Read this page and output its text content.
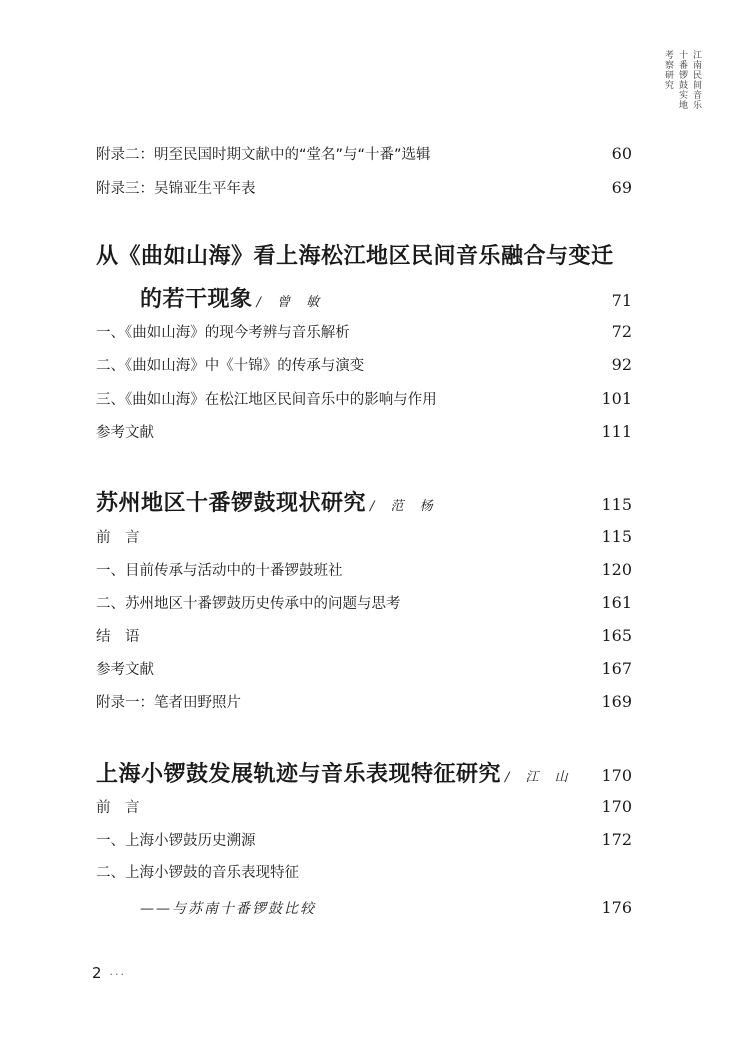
江南民间音乐
十番锣鼓实地
考察研究
附录二：明至民国时期文献中的“堂名”与“十番”选辑	60
附录三：吴锦亚生平年表	69
从《曲如山海》看上海松江地区民间音乐融合与变迁
的若干现象 / 曾 敏	71
一、《曲如山海》的现今考辨与音乐解析	72
二、《曲如山海》中《十锦》的传承与演变	92
三、《曲如山海》在松江地区民间音乐中的影响与作用	101
参考文献	111
苏州地区十番锣鼓现状研究 / 范 杨	115
前　言	115
一、目前传承与活动中的十番锣鼓班社	120
二、苏州地区十番锣鼓历史传承中的问题与思考	161
结　语	165
参考文献	167
附录一：笔者田野照片	169
上海小锣鼓发展轨迹与音乐表现特征研究 / 江 山 170
前　言	170
一、上海小锣鼓历史溯源	172
二、上海小锣鼓的音乐表现特征
——与苏南十番锣鼓比较	176
2 ···
